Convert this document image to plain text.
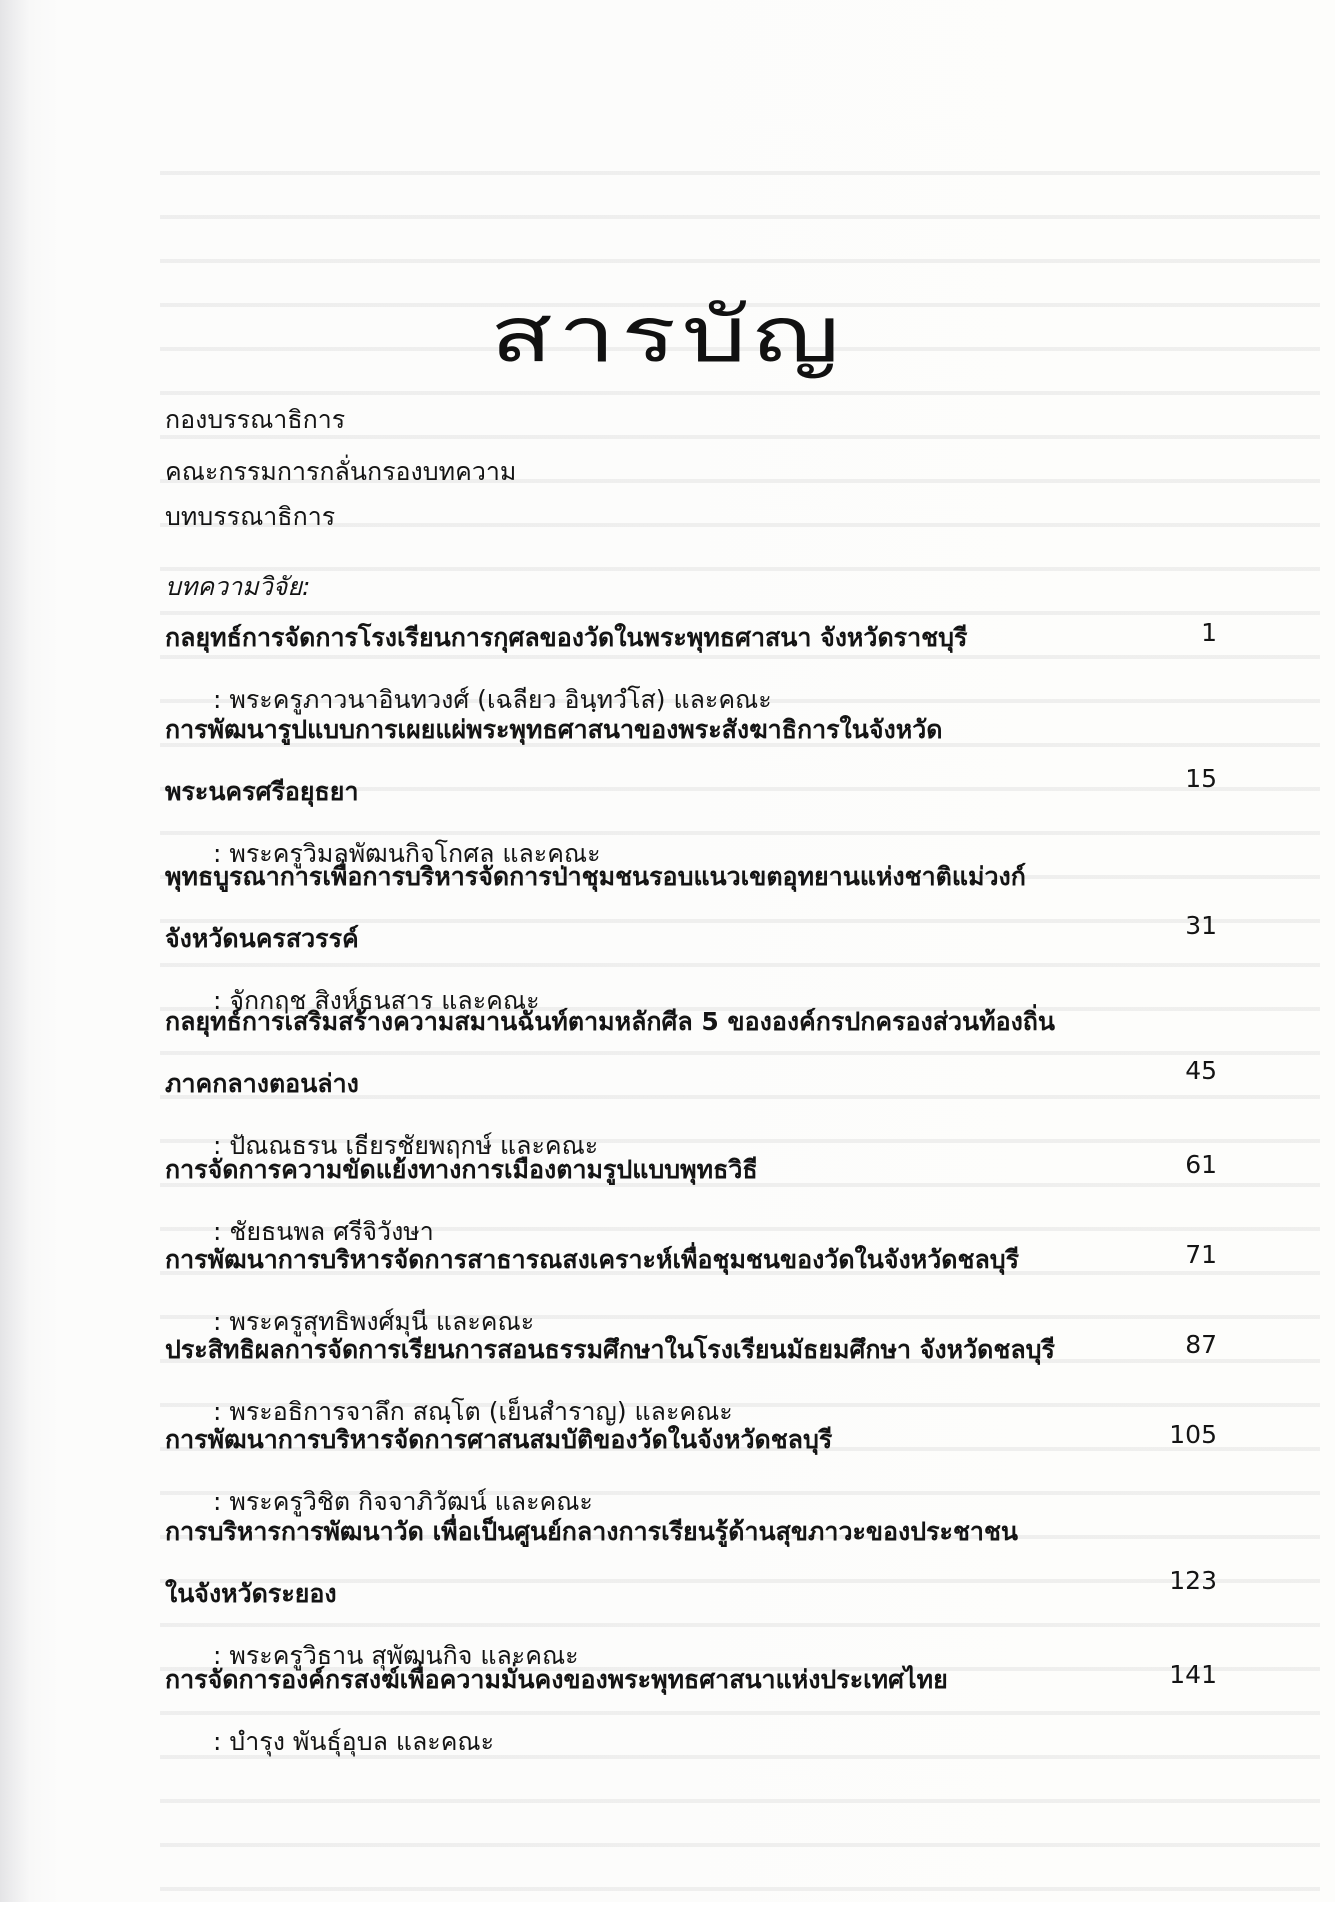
สารบัญ
กองบรรณาธิการ
คณะกรรมการกลั่นกรองบทความ
บทบรรณาธิการ
บทความวิจัย:
กลยุทธ์การจัดการโรงเรียนการกุศลของวัดในพระพุทธศาสนา จังหวัดราชบุรี	1
: พระครูภาวนาอินทวงศ์ (เฉลียว อินฺทวํโส) และคณะ
การพัฒนารูปแบบการเผยแผ่พระพุทธศาสนาของพระสังฆาธิการในจังหวัด
พระนครศรีอยุธยา	15
: พระครูวิมลพัฒนกิจโกศล และคณะ
พุทธบูรณาการเพื่อการบริหารจัดการป่าชุมชนรอบแนวเขตอุทยานแห่งชาติแม่วงก์
จังหวัดนครสวรรค์	31
: จักกฤช สิงห์ธนสาร และคณะ
กลยุทธ์การเสริมสร้างความสมานฉันท์ตามหลักศีล 5 ขององค์กรปกครองส่วนท้องถิ่น
ภาคกลางตอนล่าง	45
: ปัณณธรน เธียรชัยพฤกษ์ และคณะ
การจัดการความขัดแย้งทางการเมืองตามรูปแบบพุทธวิธี	61
: ชัยธนพล ศรีจิวังษา
การพัฒนาการบริหารจัดการสาธารณสงเคราะห์เพื่อชุมชนของวัดในจังหวัดชลบุรี	71
: พระครูสุทธิพงศ์มุนี และคณะ
ประสิทธิผลการจัดการเรียนการสอนธรรมศึกษาในโรงเรียนมัธยมศึกษา จังหวัดชลบุรี	87
: พระอธิการจาลึก สณฺโต (เย็นสำราญ) และคณะ
การพัฒนาการบริหารจัดการศาสนสมบัติของวัดในจังหวัดชลบุรี	105
: พระครูวิชิต กิจจาภิวัฒน์ และคณะ
การบริหารการพัฒนาวัด เพื่อเป็นศูนย์กลางการเรียนรู้ด้านสุขภาวะของประชาชน
ในจังหวัดระยอง	123
: พระครูวิธาน สุพัฒนกิจ และคณะ
การจัดการองค์กรสงฆ์เพื่อความมั่นคงของพระพุทธศาสนาแห่งประเทศไทย	141
: บำรุง พันธุ์อุบล และคณะ
